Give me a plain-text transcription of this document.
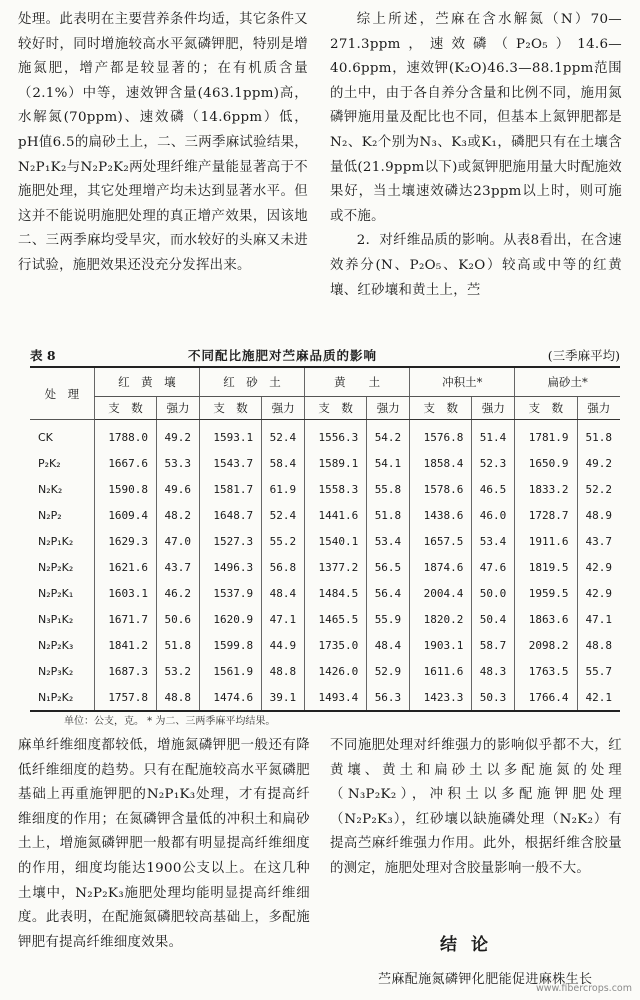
处理。此表明在主要营养条件均适，其它条件又较好时，同时增施较高水平氮磷钾肥，特别是增施氮肥，增产都是较显著的；在有机质含量（2.1%）中等，速效钾含量(463.1ppm)高，水解氮(70ppm)、速效磷（14.6ppm）低，pH值6.5的扁砂土上，二、三两季麻试验结果，N₂P₁K₂与N₂P₂K₂两处理纤维产量能显著高于不施肥处理，其它处理增产均未达到显著水平。但这并不能说明施肥处理的真正增产效果，因该地二、三两季麻均受旱灾，而水较好的头麻又未进行试验，施肥效果还没充分发挥出来。

综上所述，苎麻在含水解氮（N）70—271.3ppm，速效磷（P₂O₅）14.6—40.6ppm，速效钾(K₂O)46.3—88.1ppm范围的土中，由于各自养分含量和比例不同，施用氮磷钾施用量及配比也不同，但基本上氮钾肥都是N₂、K₂个别为N₃、K₃或K₁，磷肥只有在土壤含量低(21.9ppm以下)或氮钾肥施用量大时配施效果好，当土壤速效磷达23ppm以上时，则可施或不施。

2．对纤维品质的影响。从表8看出，在含速效养分(N、P₂O₅、K₂O）较高或中等的红黄壤、红砂壤和黄土上，苎

表 8	不同配比施肥对苎麻品质的影响	(三季麻平均)
处　理	红　黄　壤		红　砂　土		黄　　土		冲积土*		扁砂土*	
	支　数	强力	支　数	强力	支　数	强力	支　数	强力	支　数	强力
CK	1788.0	49.2	1593.1	52.4	1556.3	54.2	1576.8	51.4	1781.9	51.8
P₂K₂	1667.6	53.3	1543.7	58.4	1589.1	54.1	1858.4	52.3	1650.9	49.2
N₂K₂	1590.8	49.6	1581.7	61.9	1558.3	55.8	1578.6	46.5	1833.2	52.2
N₂P₂	1609.4	48.2	1648.7	52.4	1441.6	51.8	1438.6	46.0	1728.7	48.9
N₂P₁K₂	1629.3	47.0	1527.3	55.2	1540.1	53.4	1657.5	53.4	1911.6	43.7
N₂P₂K₂	1621.6	43.7	1496.3	56.8	1377.2	56.5	1874.6	47.6	1819.5	42.9
N₂P₂K₁	1603.1	46.2	1537.9	48.4	1484.5	56.4	2004.4	50.0	1959.5	42.9
N₃P₁K₂	1671.7	50.6	1620.9	47.1	1465.5	55.9	1820.2	50.4	1863.6	47.1
N₂P₂K₃	1841.2	51.8	1599.8	44.9	1735.0	48.4	1903.1	58.7	2098.2	48.8
N₂P₃K₂	1687.3	53.2	1561.9	48.8	1426.0	52.9	1611.6	48.3	1763.5	55.7
N₁P₂K₂	1757.8	48.8	1474.6	39.1	1493.4	56.3	1423.3	50.3	1766.4	42.1
单位：公支，克。 * 为二、三两季麻平均结果。

麻单纤维细度都较低，增施氮磷钾肥一般还有降低纤维细度的趋势。只有在配施较高水平氮磷肥基础上再重施钾肥的N₂P₁K₃处理，才有提高纤维细度的作用；在氮磷钾含量低的冲积土和扁砂土上，增施氮磷钾肥一般都有明显提高纤维细度的作用，细度均能达1900公支以上。在这几种土壤中，N₂P₂K₃施肥处理均能明显提高纤维细度。此表明，在配施氮磷肥较高基础上，多配施钾肥有提高纤维细度效果。

不同施肥处理对纤维强力的影响似乎都不大，红黄壤、黄土和扁砂土以多配施氮的处理（N₃P₂K₂），冲积土以多配施钾肥处理（N₂P₂K₃），红砂壤以缺施磷处理（N₂K₂）有提高苎麻纤维强力作用。此外，根据纤维含胶量的测定，施肥处理对含胶量影响一般不大。

结论
苎麻配施氮磷钾化肥能促进麻株生长
www.fibercrops.com
